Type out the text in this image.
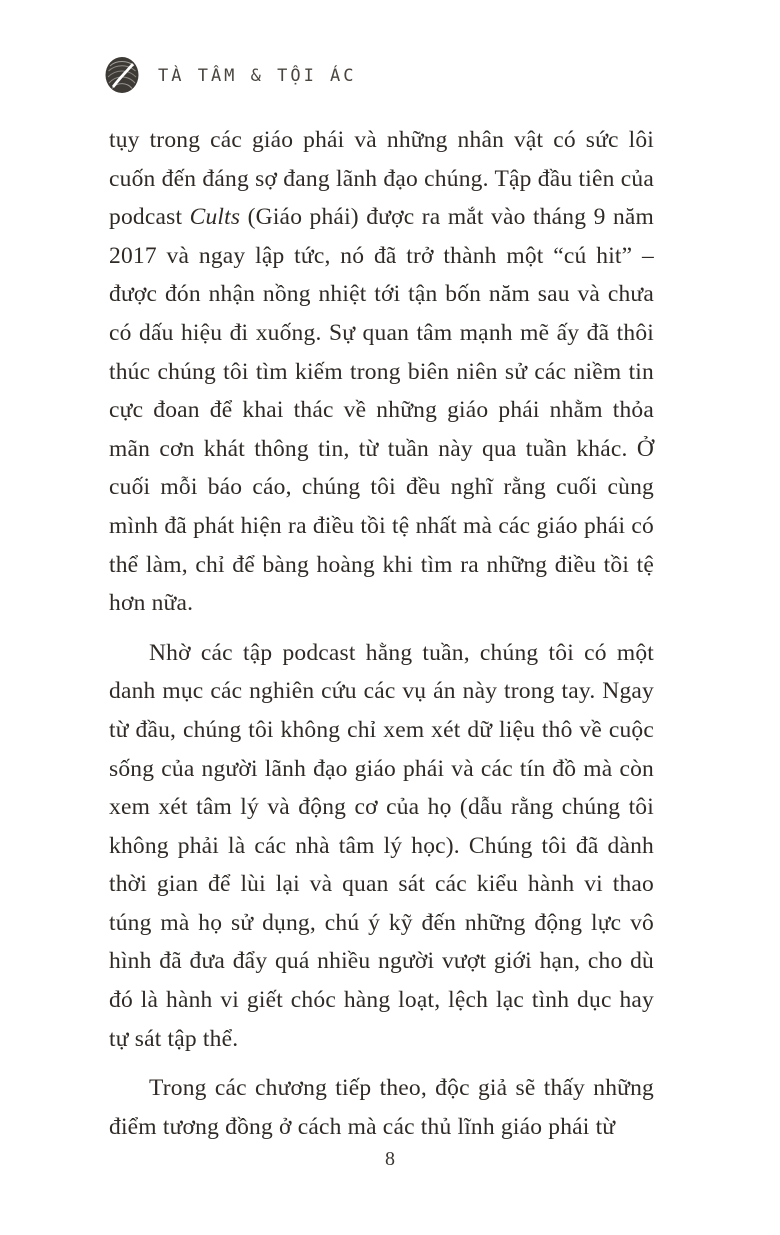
TÀ TÂM & TỘI ÁC

tụy trong các giáo phái và những nhân vật có sức lôi cuốn đến đáng sợ đang lãnh đạo chúng. Tập đầu tiên của podcast Cults (Giáo phái) được ra mắt vào tháng 9 năm 2017 và ngay lập tức, nó đã trở thành một “cú hit” – được đón nhận nồng nhiệt tới tận bốn năm sau và chưa có dấu hiệu đi xuống. Sự quan tâm mạnh mẽ ấy đã thôi thúc chúng tôi tìm kiếm trong biên niên sử các niềm tin cực đoan để khai thác về những giáo phái nhằm thỏa mãn cơn khát thông tin, từ tuần này qua tuần khác. Ở cuối mỗi báo cáo, chúng tôi đều nghĩ rằng cuối cùng mình đã phát hiện ra điều tồi tệ nhất mà các giáo phái có thể làm, chỉ để bàng hoàng khi tìm ra những điều tồi tệ hơn nữa.

Nhờ các tập podcast hằng tuần, chúng tôi có một danh mục các nghiên cứu các vụ án này trong tay. Ngay từ đầu, chúng tôi không chỉ xem xét dữ liệu thô về cuộc sống của người lãnh đạo giáo phái và các tín đồ mà còn xem xét tâm lý và động cơ của họ (dẫu rằng chúng tôi không phải là các nhà tâm lý học). Chúng tôi đã dành thời gian để lùi lại và quan sát các kiểu hành vi thao túng mà họ sử dụng, chú ý kỹ đến những động lực vô hình đã đưa đẩy quá nhiều người vượt giới hạn, cho dù đó là hành vi giết chóc hàng loạt, lệch lạc tình dục hay tự sát tập thể.

Trong các chương tiếp theo, độc giả sẽ thấy những điểm tương đồng ở cách mà các thủ lĩnh giáo phái từ

8
